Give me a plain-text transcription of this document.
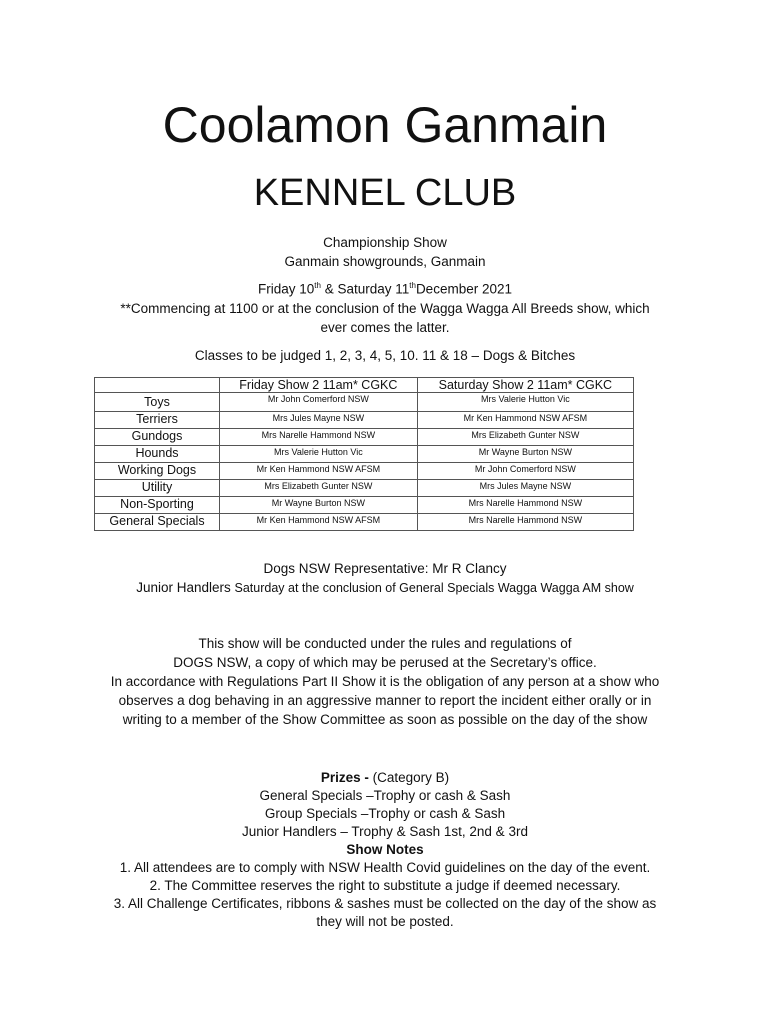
Coolamon Ganmain
KENNEL CLUB

Championship Show

Ganmain showgrounds, Ganmain

Friday 10th & Saturday 11thDecember 2021

**Commencing at 1100 or at the conclusion of the Wagga Wagga All Breeds show, which

ever comes the latter.

Classes to be judged 1, 2, 3, 4, 5, 10. 11 & 18 – Dogs & Bitches

	Friday Show 2 11am* CGKC	Saturday Show 2 11am* CGKC
Toys	Mr John Comerford NSW	Mrs Valerie Hutton Vic
Terriers	Mrs Jules Mayne NSW	Mr Ken Hammond NSW AFSM
Gundogs	Mrs Narelle Hammond NSW	Mrs Elizabeth Gunter NSW
Hounds	Mrs Valerie Hutton Vic	Mr Wayne Burton NSW
Working Dogs	Mr Ken Hammond NSW AFSM	Mr John Comerford NSW
Utility	Mrs Elizabeth Gunter NSW	Mrs Jules Mayne NSW
Non-Sporting	Mr Wayne Burton NSW	Mrs Narelle Hammond NSW
General Specials	Mr Ken Hammond NSW AFSM	Mrs Narelle Hammond NSW

Dogs NSW Representative: Mr R Clancy

Junior Handlers Saturday at the conclusion of General Specials Wagga Wagga AM show

This show will be conducted under the rules and regulations of

DOGS NSW, a copy of which may be perused at the Secretary’s office.

In accordance with Regulations Part II Show it is the obligation of any person at a show who

observes a dog behaving in an aggressive manner to report the incident either orally or in

writing to a member of the Show Committee as soon as possible on the day of the show

Prizes - (Category B)

General Specials –Trophy or cash & Sash

Group Specials –Trophy or cash & Sash

Junior Handlers – Trophy & Sash 1st, 2nd & 3rd

Show Notes

1. All attendees are to comply with NSW Health Covid guidelines on the day of the event.

2. The Committee reserves the right to substitute a judge if deemed necessary.

3. All Challenge Certificates, ribbons & sashes must be collected on the day of the show as

they will not be posted.
